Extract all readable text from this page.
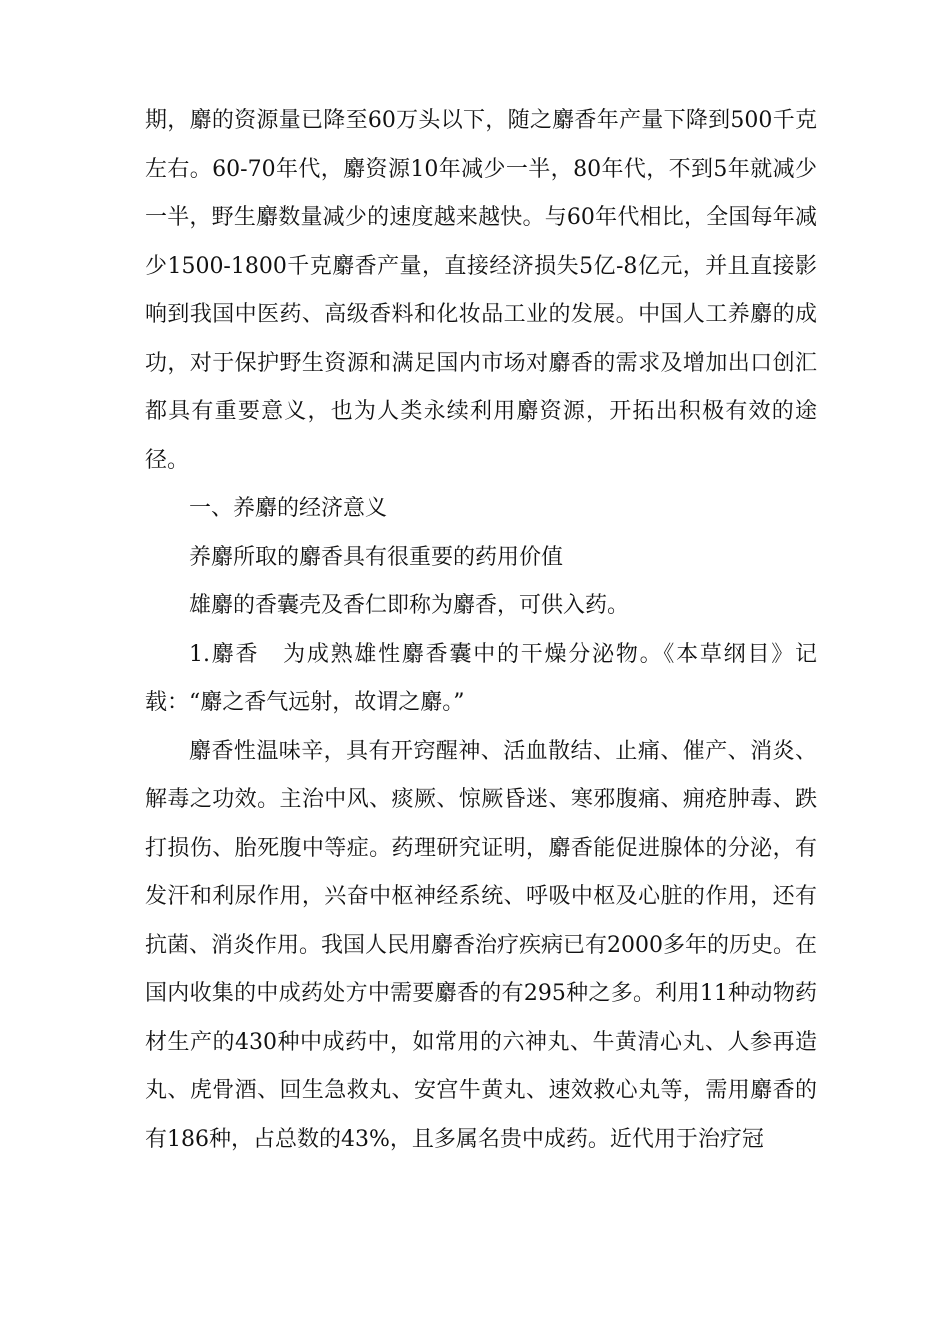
期，麝的资源量已降至60万头以下，随之麝香年产量下降到500千克左右。60-70年代，麝资源10年减少一半，80年代，不到5年就减少一半，野生麝数量减少的速度越来越快。与60年代相比，全国每年减少1500-1800千克麝香产量，直接经济损失5亿-8亿元，并且直接影响到我国中医药、高级香料和化妆品工业的发展。中国人工养麝的成功，对于保护野生资源和满足国内市场对麝香的需求及增加出口创汇都具有重要意义，也为人类永续利用麝资源，开拓出积极有效的途径。

一、养麝的经济意义

养麝所取的麝香具有很重要的药用价值

雄麝的香囊壳及香仁即称为麝香，可供入药。

1.麝香　为成熟雄性麝香囊中的干燥分泌物。《本草纲目》记载：“麝之香气远射，故谓之麝。”

麝香性温味辛，具有开窍醒神、活血散结、止痛、催产、消炎、解毒之功效。主治中风、痰厥、惊厥昏迷、寒邪腹痛、痈疮肿毒、跌打损伤、胎死腹中等症。药理研究证明，麝香能促进腺体的分泌，有发汗和利尿作用，兴奋中枢神经系统、呼吸中枢及心脏的作用，还有抗菌、消炎作用。我国人民用麝香治疗疾病已有2000多年的历史。在国内收集的中成药处方中需要麝香的有295种之多。利用11种动物药材生产的430种中成药中，如常用的六神丸、牛黄清心丸、人参再造丸、虎骨酒、回生急救丸、安宫牛黄丸、速效救心丸等，需用麝香的有186种，占总数的43%，且多属名贵中成药。近代用于治疗冠
